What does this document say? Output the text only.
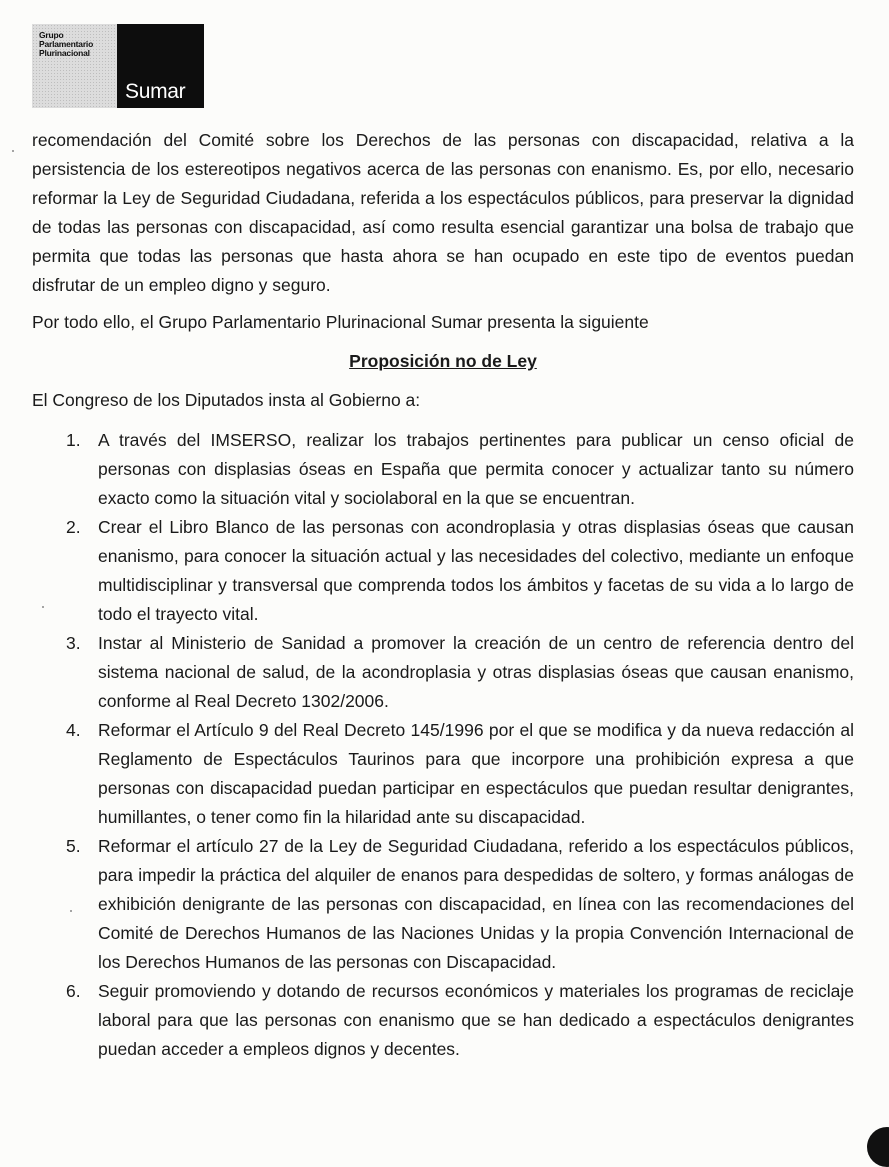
Grupo
Parlamentario
Plurinacional
Sumar

recomendación del Comité sobre los Derechos de las personas con discapacidad, relativa a la persistencia de los estereotipos negativos acerca de las personas con enanismo. Es, por ello, necesario reformar la Ley de Seguridad Ciudadana, referida a los espectáculos públicos, para preservar la dignidad de todas las personas con discapacidad, así como resulta esencial garantizar una bolsa de trabajo que permita que todas las personas que hasta ahora se han ocupado en este tipo de eventos puedan disfrutar de un empleo digno y seguro.

Por todo ello, el Grupo Parlamentario Plurinacional Sumar presenta la siguiente

Proposición no de Ley

El Congreso de los Diputados insta al Gobierno a:

1. A través del IMSERSO, realizar los trabajos pertinentes para publicar un censo oficial de personas con displasias óseas en España que permita conocer y actualizar tanto su número exacto como la situación vital y sociolaboral en la que se encuentran.
2. Crear el Libro Blanco de las personas con acondroplasia y otras displasias óseas que causan enanismo, para conocer la situación actual y las necesidades del colectivo, mediante un enfoque multidisciplinar y transversal que comprenda todos los ámbitos y facetas de su vida a lo largo de todo el trayecto vital.
3. Instar al Ministerio de Sanidad a promover la creación de un centro de referencia dentro del sistema nacional de salud, de la acondroplasia y otras displasias óseas que causan enanismo, conforme al Real Decreto 1302/2006.
4. Reformar el Artículo 9 del Real Decreto 145/1996 por el que se modifica y da nueva redacción al Reglamento de Espectáculos Taurinos para que incorpore una prohibición expresa a que personas con discapacidad puedan participar en espectáculos que puedan resultar denigrantes, humillantes, o tener como fin la hilaridad ante su discapacidad.
5. Reformar el artículo 27 de la Ley de Seguridad Ciudadana, referido a los espectáculos públicos, para impedir la práctica del alquiler de enanos para despedidas de soltero, y formas análogas de exhibición denigrante de las personas con discapacidad, en línea con las recomendaciones del Comité de Derechos Humanos de las Naciones Unidas y la propia Convención Internacional de los Derechos Humanos de las personas con Discapacidad.
6. Seguir promoviendo y dotando de recursos económicos y materiales los programas de reciclaje laboral para que las personas con enanismo que se han dedicado a espectáculos denigrantes puedan acceder a empleos dignos y decentes.
